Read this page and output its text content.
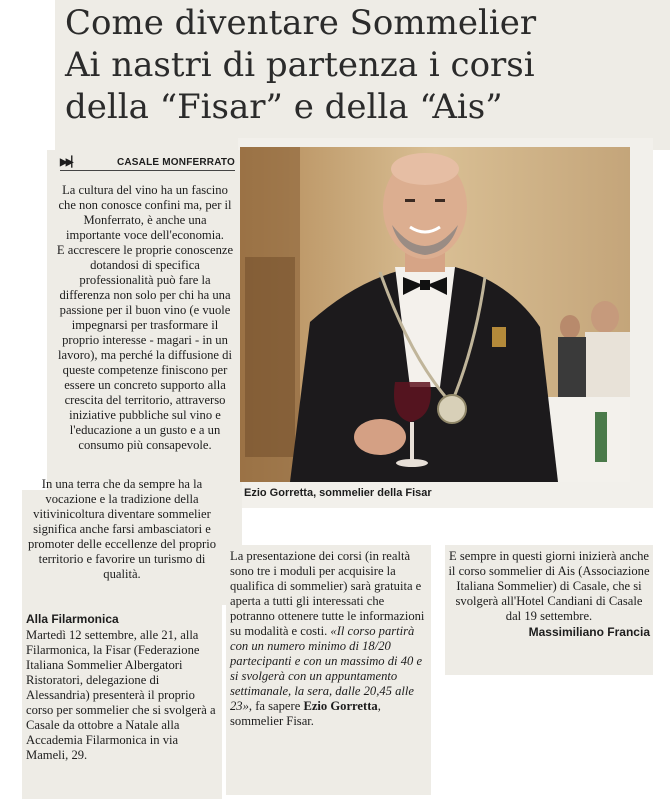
Come diventare Sommelier
Ai nastri di partenza i corsi
della “Fisar” e della “Ais”
▶▶▏	CASALE MONFERRATO
Ezio Gorretta, sommelier della Fisar

La cultura del vino ha un fascino che non conosce confini ma, per il Monferrato, è anche una importante voce dell'economia.

E accrescere le proprie conoscenze dotandosi di specifica professionalità può fare la differenza non solo per chi ha una passione per il buon vino (e vuole impegnarsi per trasformare il proprio interesse - magari - in un lavoro), ma perché la diffusione di queste competenze finiscono per essere un concreto supporto alla crescita del territorio, attraverso iniziative pubbliche sul vino e l'educazione a un gusto e a un consumo più consapevole.

In una terra che da sempre ha la vocazione e la tradizione della vitivinicoltura diventare sommelier significa anche farsi ambasciatori e promoter delle eccellenze del proprio territorio e favorire un turismo di qualità.

Alla Filarmonica

Martedì 12 settembre, alle 21, alla Filarmonica, la Fisar (Federazione Italiana Sommelier Albergatori Ristoratori, delegazione di Alessandria) presenterà il proprio corso per sommelier che si svolgerà a Casale da ottobre a Natale alla Accademia Filarmonica in via Mameli, 29.

La presentazione dei corsi (in realtà sono tre i moduli per acquisire la qualifica di sommelier) sarà gratuita e aperta a tutti gli interessati che potranno ottenere tutte le informazioni su modalità e costi. «Il corso partirà con un numero minimo di 18/20 partecipanti e con un massimo di 40 e si svolgerà con un appuntamento settimanale, la sera, dalle 20,45 alle 23», fa sapere Ezio Gorretta, sommelier Fisar.

E sempre in questi giorni inizierà anche il corso sommelier di Ais (Associazione Italiana Sommelier) di Casale, che si svolgerà all'Hotel Candiani di Casale dal 19 settembre.

Massimiliano Francia
